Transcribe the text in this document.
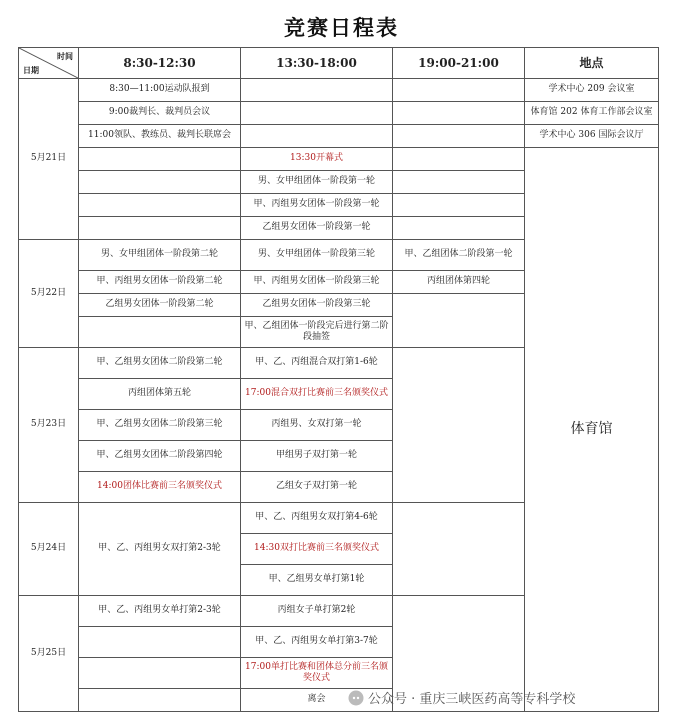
竞赛日程表
时间
日期	8:30-12:30	13:30-18:00	19:00-21:00	地点
5月21日	8:30—11:00运动队报到			学术中心 209 会议室
	9:00裁判长、裁判员会议			体育馆 202 体育工作部会议室
	11:00领队、教练员、裁判长联席会			学术中心 306 国际会议厅
		13:30开幕式		体育馆
		男、女甲组团体一阶段第一轮		
		甲、丙组男女团体一阶段第一轮		
		乙组男女团体一阶段第一轮		
5月22日	男、女甲组团体一阶段第二轮	男、女甲组团体一阶段第三轮	甲、乙组团体二阶段第一轮	
	甲、丙组男女团体一阶段第二轮	甲、丙组男女团体一阶段第三轮	丙组团体第四轮	
	乙组男女团体一阶段第二轮	乙组男女团体一阶段第三轮		
		甲、乙组团体一阶段完后进行第二阶段抽签		
5月23日	甲、乙组男女团体二阶段第二轮	甲、乙、丙组混合双打第1-6轮		
	丙组团体第五轮	17:00混合双打比赛前三名颁奖仪式		
	甲、乙组男女团体二阶段第三轮	丙组男、女双打第一轮		
	甲、乙组男女团体二阶段第四轮	甲组男子双打第一轮		
	14:00团体比赛前三名颁奖仪式	乙组女子双打第一轮		
5月24日	甲、乙、丙组男女双打第2-3轮	甲、乙、丙组男女双打第4-6轮		
		14:30双打比赛前三名颁奖仪式		
		甲、乙组男女单打第1轮		
5月25日	甲、乙、丙组男女单打第2-3轮	丙组女子单打第2轮		
		甲、乙、丙组男女单打第3-7轮		
		17:00单打比赛和团体总分前三名颁奖仪式		
		离会			公众号 · 重庆三峡医药高等专科学校
